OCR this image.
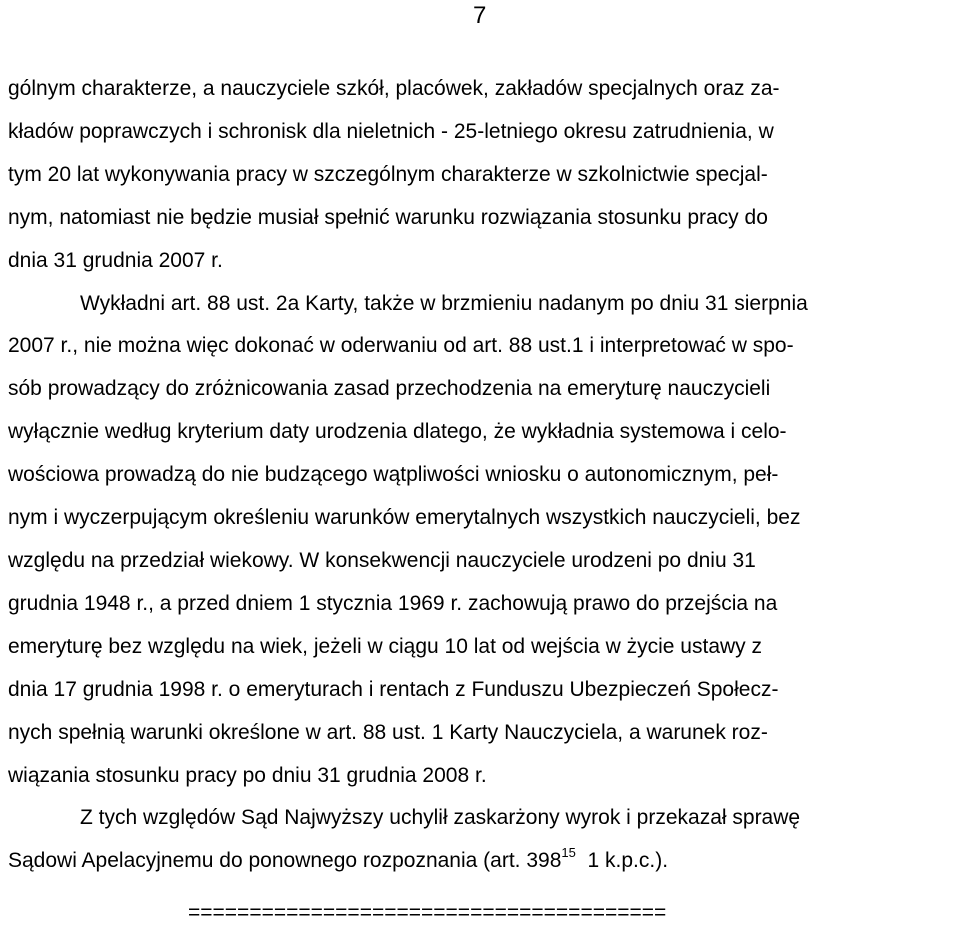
7
gólnym charakterze, a nauczyciele szkół, placówek, zakładów specjalnych oraz za-
kładów poprawczych i schronisk dla nieletnich - 25-letniego okresu zatrudnienia, w
tym 20 lat wykonywania pracy w szczególnym charakterze w szkolnictwie specjal-
nym, natomiast nie będzie musiał spełnić warunku rozwiązania stosunku pracy do
dnia 31 grudnia 2007 r.
Wykładni art. 88 ust. 2a Karty, także w brzmieniu nadanym po dniu 31 sierpnia
2007 r., nie można więc dokonać w oderwaniu od art. 88 ust.1 i interpretować w spo-
sób prowadzący do zróżnicowania zasad przechodzenia na emeryturę nauczycieli
wyłącznie według kryterium daty urodzenia dlatego, że wykładnia systemowa i celo-
wościowa prowadzą do nie budzącego wątpliwości wniosku o autonomicznym, peł-
nym i wyczerpującym określeniu warunków emerytalnych wszystkich nauczycieli, bez
względu na przedział wiekowy. W konsekwencji nauczyciele urodzeni po dniu 31
grudnia 1948 r., a przed dniem 1 stycznia 1969 r. zachowują prawo do przejścia na
emeryturę bez względu na wiek, jeżeli w ciągu 10 lat od wejścia w życie ustawy z
dnia 17 grudnia 1998 r. o emeryturach i rentach z Funduszu Ubezpieczeń Społecz-
nych spełnią warunki określone w art. 88 ust. 1 Karty Nauczyciela, a warunek roz-
wiązania stosunku pracy po dniu 31 grudnia 2008 r.
Z tych względów Sąd Najwyższy uchylił zaskarżony wyrok i przekazał sprawę
Sądowi Apelacyjnemu do ponownego rozpoznania (art. $398^{15}$  1 k.p.c.).
=======================================
